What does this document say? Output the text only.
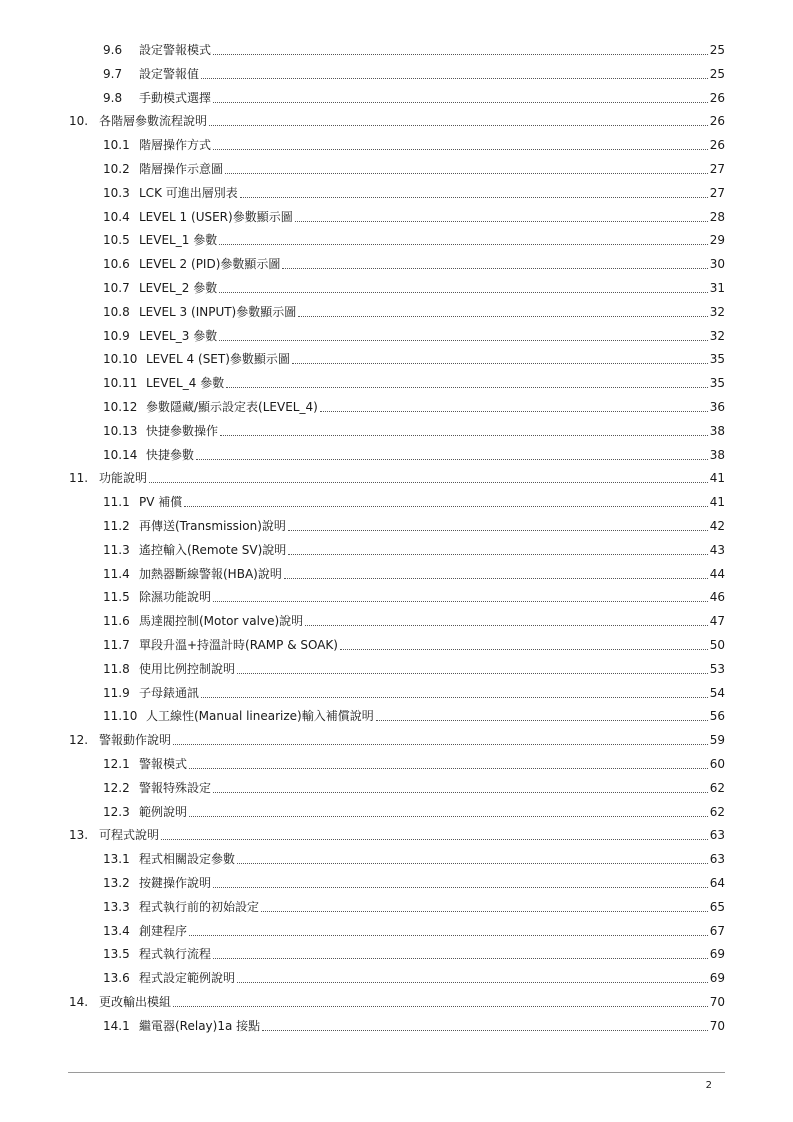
9.6	設定警報模式	25
9.7	設定警報值	25
9.8	手動模式選擇	26
10. 各階層參數流程說明	26
10.1 階層操作方式	26
10.2 階層操作示意圖	27
10.3 LCK 可進出層別表	27
10.4 LEVEL 1 (USER)參數顯示圖	28
10.5 LEVEL_1 參數	29
10.6 LEVEL 2 (PID)參數顯示圖	30
10.7 LEVEL_2 參數	31
10.8 LEVEL 3 (INPUT)參數顯示圖	32
10.9 LEVEL_3 參數	32
10.10 LEVEL 4 (SET)參數顯示圖	35
10.11 LEVEL_4 參數	35
10.12 參數隱藏/顯示設定表(LEVEL_4)	36
10.13 快捷參數操作	38
10.14 快捷參數	38
11. 功能說明	41
11.1 PV 補償	41
11.2 再傳送(Transmission)說明	42
11.3 遙控輸入(Remote SV)說明	43
11.4 加熱器斷線警報(HBA)說明	44
11.5 除濕功能說明	46
11.6 馬達閥控制(Motor valve)說明	47
11.7 單段升溫+持溫計時(RAMP & SOAK)	50
11.8 使用比例控制說明	53
11.9 子母錶通訊	54
11.10 人工線性(Manual linearize)輸入補償說明	56
12. 警報動作說明	59
12.1 警報模式	60
12.2 警報特殊設定	62
12.3 範例說明	62
13. 可程式說明	63
13.1 程式相關設定參數	63
13.2 按鍵操作說明	64
13.3 程式執行前的初始設定	65
13.4 創建程序	67
13.5 程式執行流程	69
13.6 程式設定範例說明	69
14. 更改輸出模組	70
14.1 繼電器(Relay)1a 接點	70
2
